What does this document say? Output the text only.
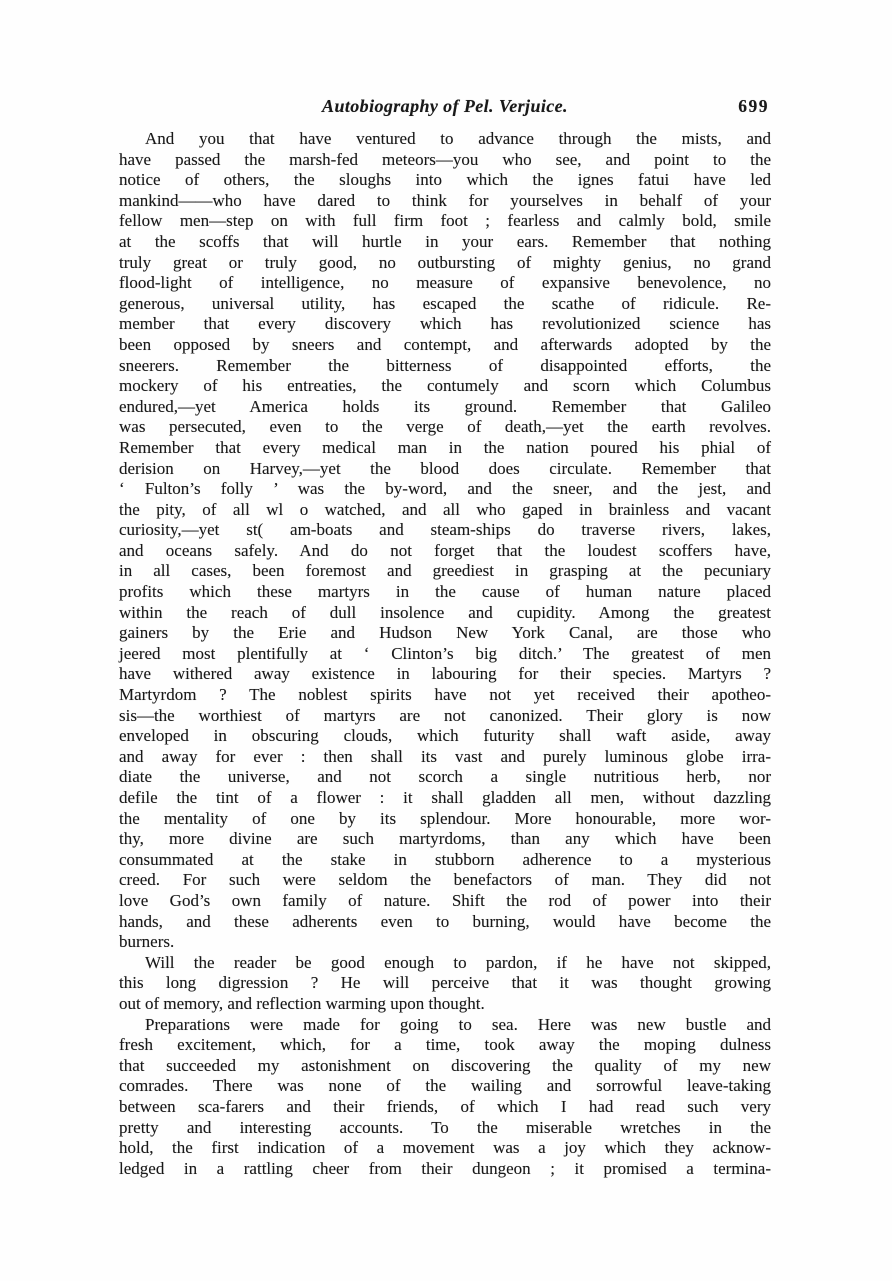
Autobiography of Pel. Verjuice.	699
And you that have ventured to advance through the mists, and
have passed the marsh-fed meteors—you who see, and point to the
notice of others, the sloughs into which the ignes fatui have led
mankind——who have dared to think for yourselves in behalf of your
fellow men—step on with full firm foot ; fearless and calmly bold, smile
at the scoffs that will hurtle in your ears. Remember that nothing
truly great or truly good, no outbursting of mighty genius, no grand
flood-light of intelligence, no measure of expansive benevolence, no
generous, universal utility, has escaped the scathe of ridicule. Re-
member that every discovery which has revolutionized science has
been opposed by sneers and contempt, and afterwards adopted by the
sneerers. Remember the bitterness of disappointed efforts, the
mockery of his entreaties, the contumely and scorn which Columbus
endured,—yet America holds its ground. Remember that Galileo
was persecuted, even to the verge of death,—yet the earth revolves.
Remember that every medical man in the nation poured his phial of
derision on Harvey,—yet the blood does circulate. Remember that
‘ Fulton’s folly ’ was the by-word, and the sneer, and the jest, and
the pity, of all wl o watched, and all who gaped in brainless and vacant
curiosity,—yet st( am-boats and steam-ships do traverse rivers, lakes,
and oceans safely. And do not forget that the loudest scoffers have,
in all cases, been foremost and greediest in grasping at the pecuniary
profits which these martyrs in the cause of human nature placed
within the reach of dull insolence and cupidity. Among the greatest
gainers by the Erie and Hudson New York Canal, are those who
jeered most plentifully at ‘ Clinton’s big ditch.’ The greatest of men
have withered away existence in labouring for their species. Martyrs ?
Martyrdom ? The noblest spirits have not yet received their apotheo-
sis—the worthiest of martyrs are not canonized. Their glory is now
enveloped in obscuring clouds, which futurity shall waft aside, away
and away for ever : then shall its vast and purely luminous globe irra-
diate the universe, and not scorch a single nutritious herb, nor
defile the tint of a flower : it shall gladden all men, without dazzling
the mentality of one by its splendour. More honourable, more wor-
thy, more divine are such martyrdoms, than any which have been
consummated at the stake in stubborn adherence to a mysterious
creed. For such were seldom the benefactors of man. They did not
love God’s own family of nature. Shift the rod of power into their
hands, and these adherents even to burning, would have become the
burners.
Will the reader be good enough to pardon, if he have not skipped,
this long digression ? He will perceive that it was thought growing
out of memory, and reflection warming upon thought.
Preparations were made for going to sea. Here was new bustle and
fresh excitement, which, for a time, took away the moping dulness
that succeeded my astonishment on discovering the quality of my new
comrades. There was none of the wailing and sorrowful leave-taking
between sca-farers and their friends, of which I had read such very
pretty and interesting accounts. To the miserable wretches in the
hold, the first indication of a movement was a joy which they acknow-
ledged in a rattling cheer from their dungeon ; it promised a termina-
